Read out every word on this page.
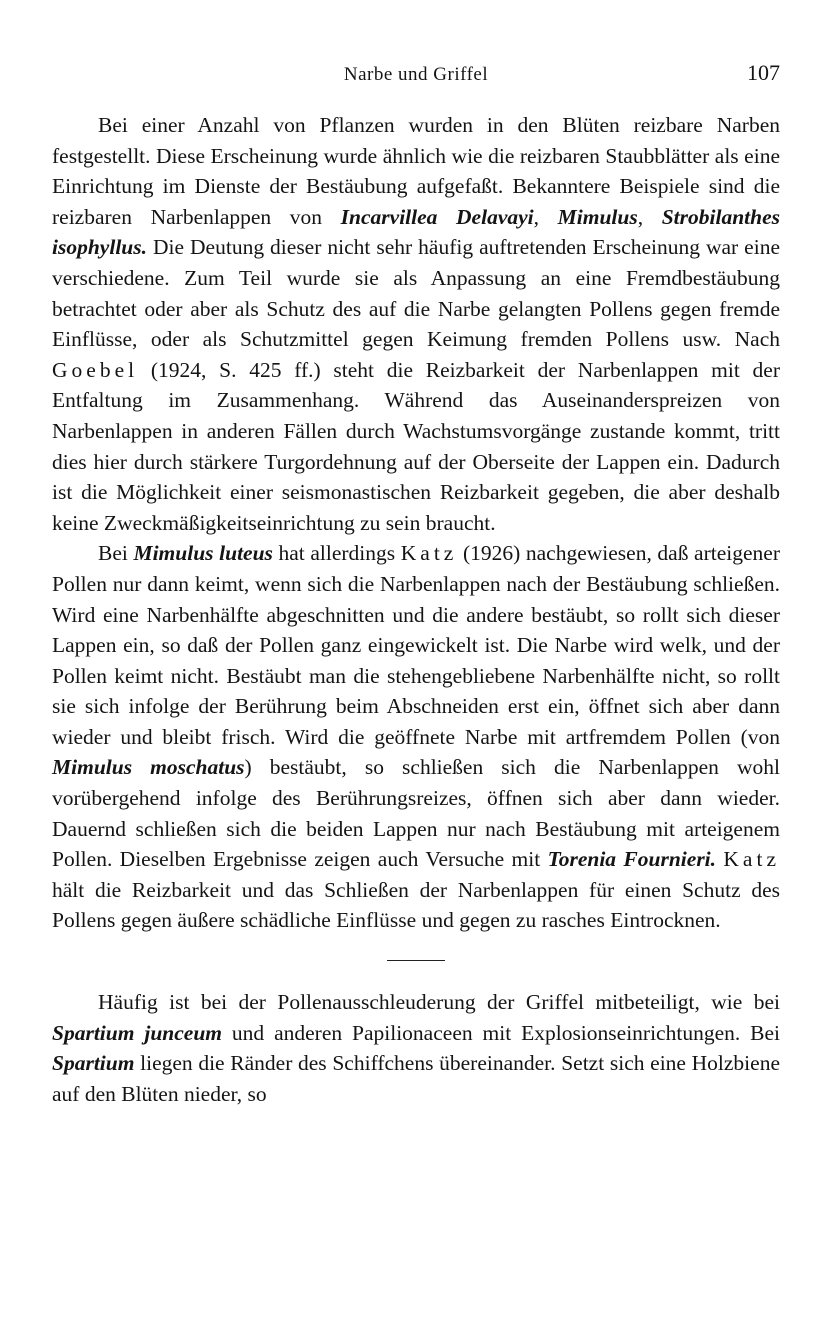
Narbe und Griffel	107

Bei einer Anzahl von Pflanzen wurden in den Blüten reizbare Narben festgestellt. Diese Erscheinung wurde ähnlich wie die reizbaren Staubblätter als eine Einrichtung im Dienste der Bestäubung aufgefaßt. Bekanntere Beispiele sind die reizbaren Narbenlappen von Incarvillea Delavayi, Mimulus, Strobilanthes isophyllus. Die Deutung dieser nicht sehr häufig auftretenden Erscheinung war eine verschiedene. Zum Teil wurde sie als Anpassung an eine Fremdbestäubung betrachtet oder aber als Schutz des auf die Narbe gelangten Pollens gegen fremde Einflüsse, oder als Schutzmittel gegen Keimung fremden Pollens usw. Nach Goebel (1924, S. 425 ff.) steht die Reizbarkeit der Narbenlappen mit der Entfaltung im Zusammenhang. Während das Auseinanderspreizen von Narbenlappen in anderen Fällen durch Wachstumsvorgänge zustande kommt, tritt dies hier durch stärkere Turgordehnung auf der Oberseite der Lappen ein. Dadurch ist die Möglichkeit einer seismonastischen Reizbarkeit gegeben, die aber deshalb keine Zweckmäßigkeitseinrichtung zu sein braucht.

Bei Mimulus luteus hat allerdings Katz (1926) nachgewiesen, daß arteigener Pollen nur dann keimt, wenn sich die Narbenlappen nach der Bestäubung schließen. Wird eine Narbenhälfte abgeschnitten und die andere bestäubt, so rollt sich dieser Lappen ein, so daß der Pollen ganz eingewickelt ist. Die Narbe wird welk, und der Pollen keimt nicht. Bestäubt man die stehengebliebene Narbenhälfte nicht, so rollt sie sich infolge der Berührung beim Abschneiden erst ein, öffnet sich aber dann wieder und bleibt frisch. Wird die geöffnete Narbe mit artfremdem Pollen (von Mimulus moschatus) bestäubt, so schließen sich die Narbenlappen wohl vorübergehend infolge des Berührungsreizes, öffnen sich aber dann wieder. Dauernd schließen sich die beiden Lappen nur nach Bestäubung mit arteigenem Pollen. Dieselben Ergebnisse zeigen auch Versuche mit Torenia Fournieri. Katz hält die Reizbarkeit und das Schließen der Narbenlappen für einen Schutz des Pollens gegen äußere schädliche Einflüsse und gegen zu rasches Eintrocknen.

Häufig ist bei der Pollenausschleuderung der Griffel mitbeteiligt, wie bei Spartium junceum und anderen Papilionaceen mit Explosionseinrichtungen. Bei Spartium liegen die Ränder des Schiffchens übereinander. Setzt sich eine Holzbiene auf den Blüten nieder, so
